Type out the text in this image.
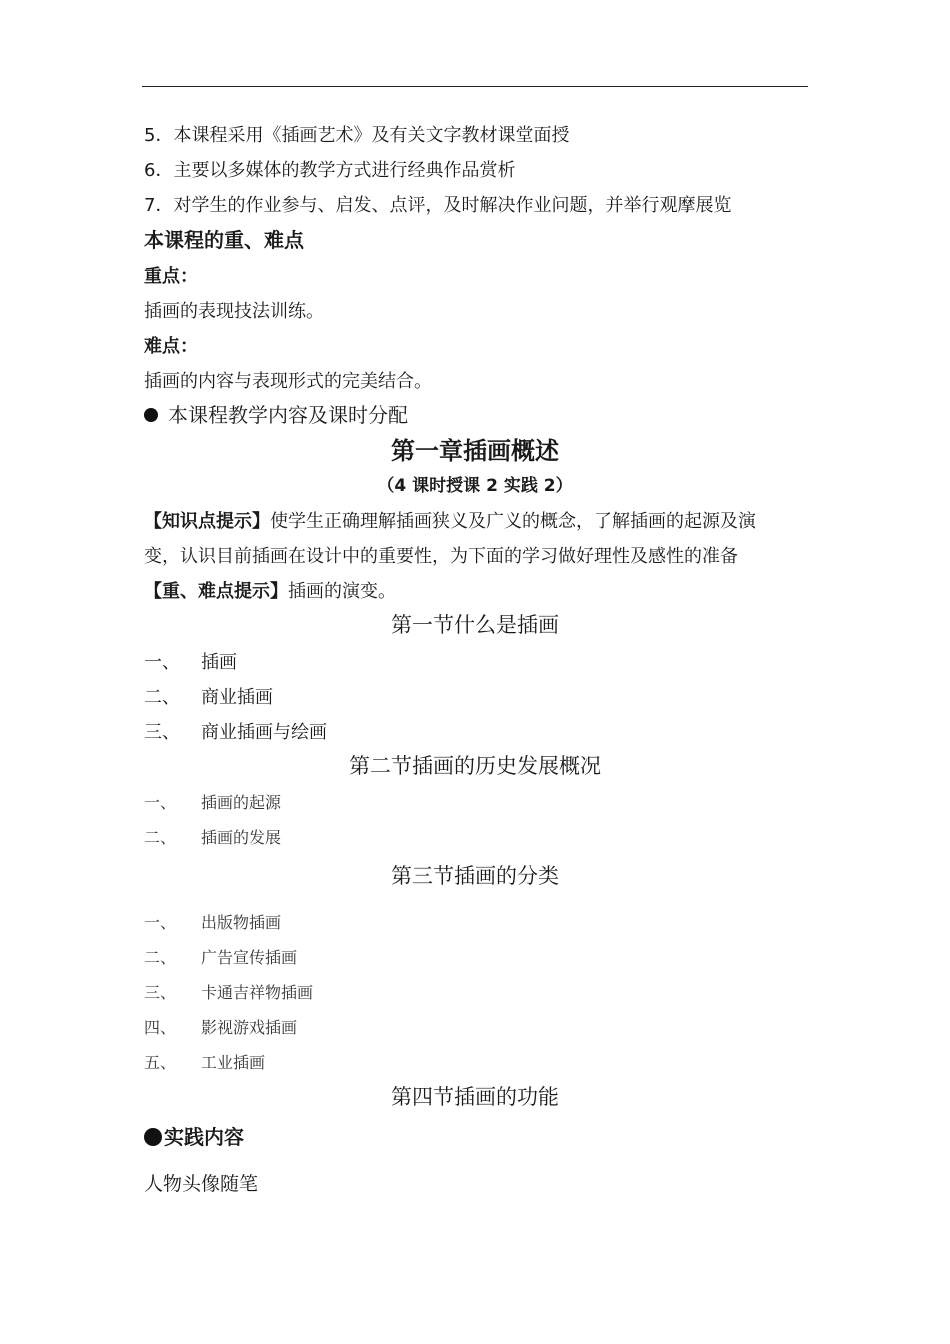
5．本课程采用《插画艺术》及有关文字教材课堂面授
6．主要以多媒体的教学方式进行经典作品赏析
7．对学生的作业参与、启发、点评，及时解决作业问题，并举行观摩展览
本课程的重、难点
重点：
插画的表现技法训练。
难点：
插画的内容与表现形式的完美结合。
本课程教学内容及课时分配
第一章插画概述
（4 课时授课 2 实践 2）
【知识点提示】使学生正确理解插画狭义及广义的概念，了解插画的起源及演
变，认识目前插画在设计中的重要性，为下面的学习做好理性及感性的准备
【重、难点提示】插画的演变。
第一节什么是插画
一、 插画
二、 商业插画
三、 商业插画与绘画
第二节插画的历史发展概况
一、 插画的起源
二、 插画的发展
第三节插画的分类
一、 出版物插画
二、 广告宣传插画
三、 卡通吉祥物插画
四、 影视游戏插画
五、 工业插画
第四节插画的功能
实践内容
人物头像随笔
